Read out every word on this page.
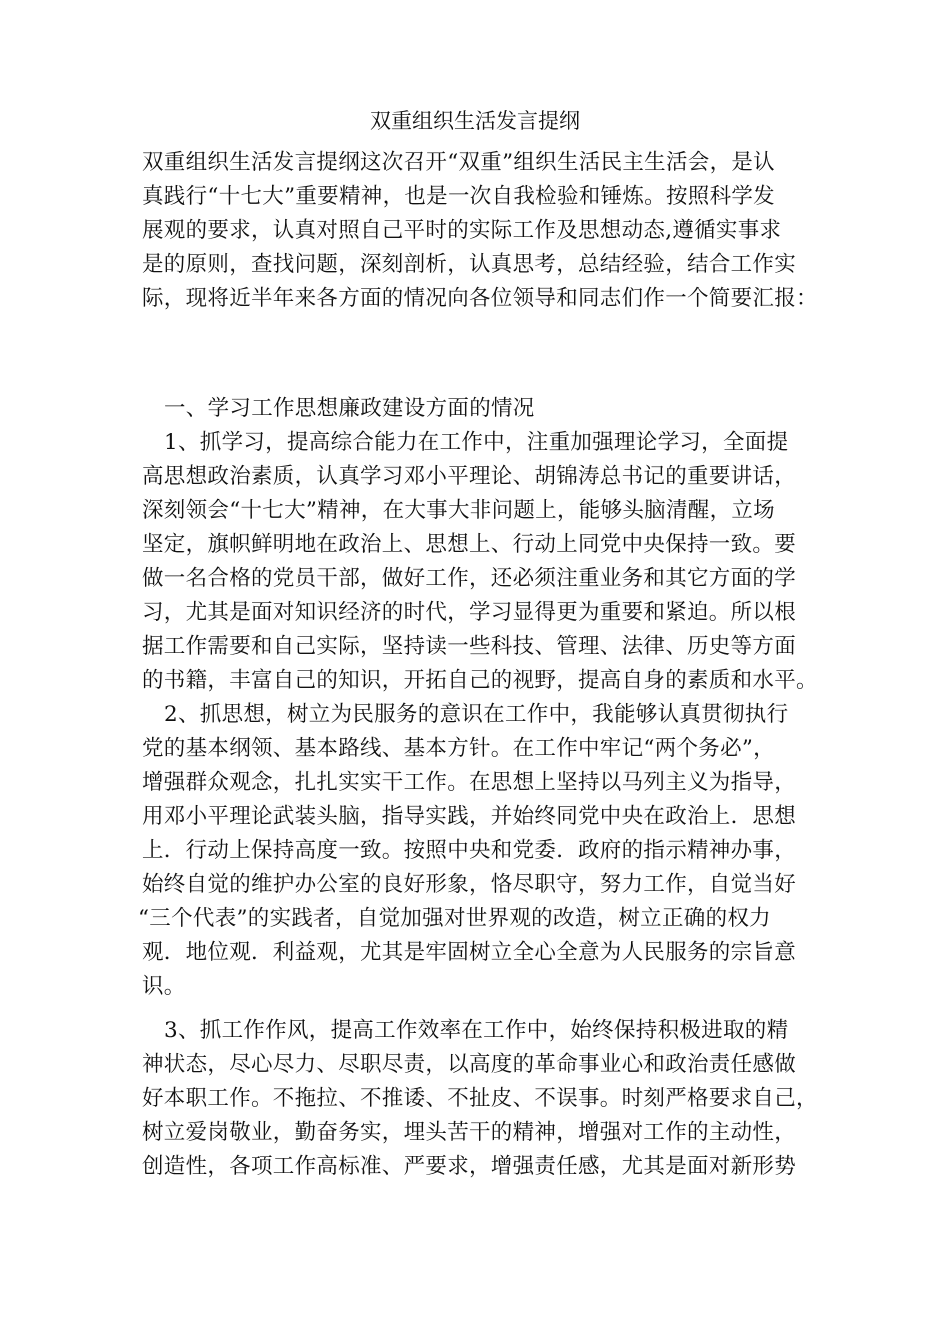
双重组织生活发言提纲
双重组织生活发言提纲这次召开“双重”组织生活民主生活会，是认
真践行“十七大”重要精神，也是一次自我检验和锤炼。按照科学发
展观的要求，认真对照自己平时的实际工作及思想动态,遵循实事求
是的原则，查找问题，深刻剖析，认真思考，总结经验，结合工作实
际，现将近半年来各方面的情况向各位领导和同志们作一个简要汇报：
一、学习工作思想廉政建设方面的情况
1、抓学习，提高综合能力在工作中，注重加强理论学习，全面提
高思想政治素质，认真学习邓小平理论、胡锦涛总书记的重要讲话，
深刻领会“十七大”精神，在大事大非问题上，能够头脑清醒，立场
坚定，旗帜鲜明地在政治上、思想上、行动上同党中央保持一致。要
做一名合格的党员干部，做好工作，还必须注重业务和其它方面的学
习，尤其是面对知识经济的时代，学习显得更为重要和紧迫。所以根
据工作需要和自己实际，坚持读一些科技、管理、法律、历史等方面
的书籍，丰富自己的知识，开拓自己的视野，提高自身的素质和水平。
2、抓思想，树立为民服务的意识在工作中，我能够认真贯彻执行
党的基本纲领、基本路线、基本方针。在工作中牢记“两个务必”，
增强群众观念，扎扎实实干工作。在思想上坚持以马列主义为指导，
用邓小平理论武装头脑，指导实践，并始终同党中央在政治上．思想
上．行动上保持高度一致。按照中央和党委．政府的指示精神办事，
始终自觉的维护办公室的良好形象，恪尽职守，努力工作，自觉当好
“三个代表”的实践者，自觉加强对世界观的改造，树立正确的权力
观．地位观．利益观，尤其是牢固树立全心全意为人民服务的宗旨意
识。
3、抓工作作风，提高工作效率在工作中，始终保持积极进取的精
神状态，尽心尽力、尽职尽责，以高度的革命事业心和政治责任感做
好本职工作。不拖拉、不推诿、不扯皮、不误事。时刻严格要求自己，
树立爱岗敬业，勤奋务实，埋头苦干的精神，增强对工作的主动性，
创造性，各项工作高标准、严要求，增强责任感，尤其是面对新形势
